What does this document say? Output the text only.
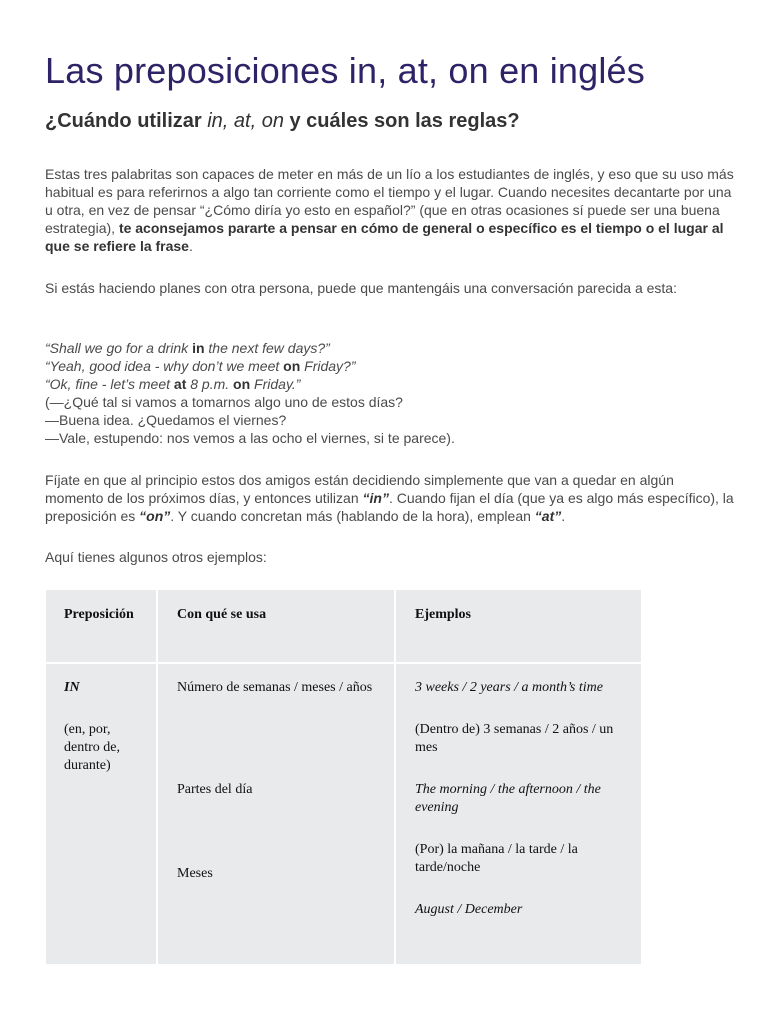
Las preposiciones in, at, on en inglés
¿Cuándo utilizar in, at, on y cuáles son las reglas?

Estas tres palabritas son capaces de meter en más de un lío a los estudiantes de inglés, y eso que su uso más habitual es para referirnos a algo tan corriente como el tiempo y el lugar. Cuando necesites decantarte por una u otra, en vez de pensar “¿Cómo diría yo esto en español?” (que en otras ocasiones sí puede ser una buena estrategia), te aconsejamos pararte a pensar en cómo de general o específico es el tiempo o el lugar al que se refiere la frase.

Si estás haciendo planes con otra persona, puede que mantengáis una conversación parecida a esta:

“Shall we go for a drink in the next few days?”
“Yeah, good idea - why don’t we meet on Friday?”
“Ok, fine - let’s meet at 8 p.m. on Friday.”
(—¿Qué tal si vamos a tomarnos algo uno de estos días?
—Buena idea. ¿Quedamos el viernes?
—Vale, estupendo: nos vemos a las ocho el viernes, si te parece).

Fíjate en que al principio estos dos amigos están decidiendo simplemente que van a quedar en algún momento de los próximos días, y entonces utilizan “in”. Cuando fijan el día (que ya es algo más específico), la preposición es “on”. Y cuando concretan más (hablando de la hora), emplean “at”.

Aquí tienes algunos otros ejemplos:

Preposición	Con qué se usa	Ejemplos
IN
(en, por, dentro de, durante)
Número de semanas / meses / años
Partes del día
Meses
3 weeks / 2 years / a month’s time
(Dentro de) 3 semanas / 2 años / un mes
The morning / the afternoon / the evening
(Por) la mañana / la tarde / la tarde/noche
August / December
